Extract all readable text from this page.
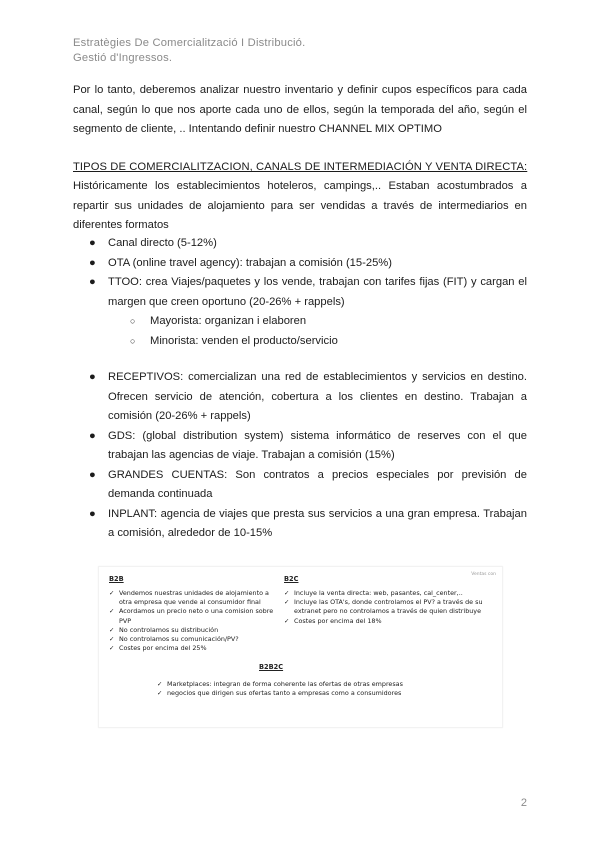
Estratègies De Comercialització I Distribució.
Gestió d'Ingressos.
Por lo tanto, deberemos analizar nuestro inventario y definir cupos específicos para cada canal, según lo que nos aporte cada uno de ellos, según la temporada del año, según el segmento de cliente, .. Intentando definir nuestro CHANNEL MIX OPTIMO
TIPOS DE COMERCIALITZACION, CANALS DE INTERMEDIACIÓN Y VENTA DIRECTA:
Históricamente los establecimientos hoteleros, campings,.. Estaban acostumbrados a repartir sus unidades de alojamiento para ser vendidas a través de intermediarios en diferentes formatos
● Canal directo (5-12%)
● OTA (online travel agency): trabajan a comisión (15-25%)
● TTOO: crea Viajes/paquetes y los vende, trabajan con tarifes fijas (FIT) y cargan el margen que creen oportuno (20-26% + rappels)
○ Mayorista: organizan i elaboren
○ Minorista: venden el producto/servicio
● RECEPTIVOS: comercializan una red de establecimientos y servicios en destino. Ofrecen servicio de atención, cobertura a los clientes en destino. Trabajan a comisión (20-26% + rappels)
● GDS: (global distribution system) sistema informático de reserves con el que trabajan las agencias de viaje. Trabajan a comisión (15%)
● GRANDES CUENTAS: Son contratos a precios especiales por previsión de demanda continuada
● INPLANT: agencia de viajes que presta sus servicios a una gran empresa. Trabajan a comisión, alrededor de 10-15%
Ventas con
B2B
✓ Vendemos nuestras unidades de alojamiento a otra empresa que vende al consumidor final
✓ Acordamos un precio neto o una comision sobre PVP
✓ No controlamos su distribución
✓ No controlamos su comunicación/PV?
✓ Costes por encima del 25%
B2C
✓ Incluye la venta directa: web, pasantes, cal_center,..
✓ Incluye las OTA's, donde controlamos el PV? a través de su extranet pero no controlamos a través de quien distribuye
✓ Costes por encima del 18%
B2B2C
✓ Marketplaces: integran de forma coherente las ofertas de otras empresas
✓ negocios que dirigen sus ofertas tanto a empresas como a consumidores
2
